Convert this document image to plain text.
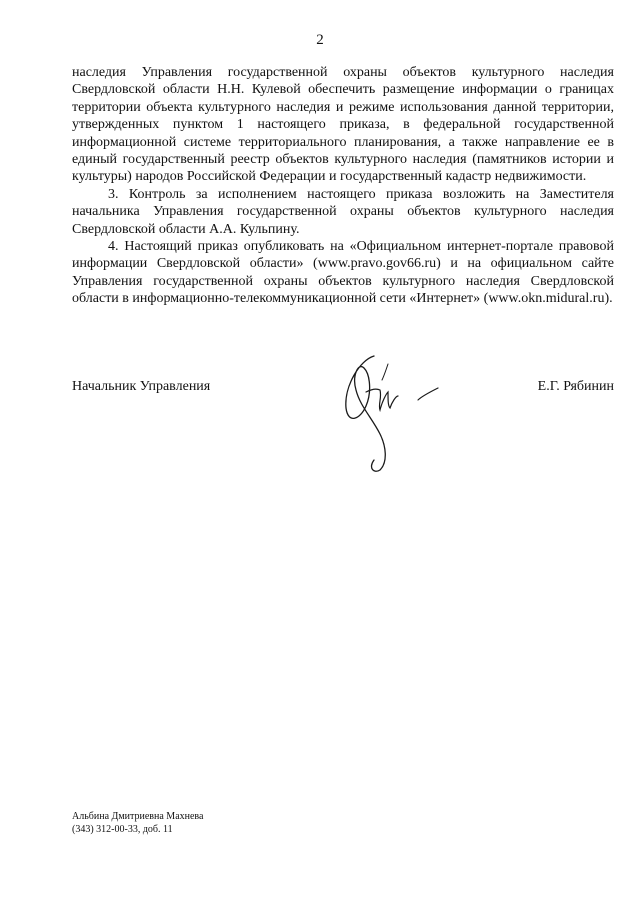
2

наследия Управления государственной охраны объектов культурного наследия Свердловской области Н.Н. Кулевой обеспечить размещение информации о границах территории объекта культурного наследия и режиме использования данной территории, утвержденных пунктом 1 настоящего приказа, в федеральной государственной информационной системе территориального планирования, а также направление ее в единый государственный реестр объектов культурного наследия (памятников истории и культуры) народов Российской Федерации и государственный кадастр недвижимости.

3. Контроль за исполнением настоящего приказа возложить на Заместителя начальника Управления государственной охраны объектов культурного наследия Свердловской области А.А. Кульпину.

4. Настоящий приказ опубликовать на «Официальном интернет-портале правовой информации Свердловской области» (www.pravo.gov66.ru) и на официальном сайте Управления государственной охраны объектов культурного наследия Свердловской области в информационно-телекоммуникационной сети «Интернет» (www.okn.midural.ru).

Начальник Управления	Е.Г. Рябинин
Альбина Дмитриевна Махнева
(343) 312-00-33, доб. 11
